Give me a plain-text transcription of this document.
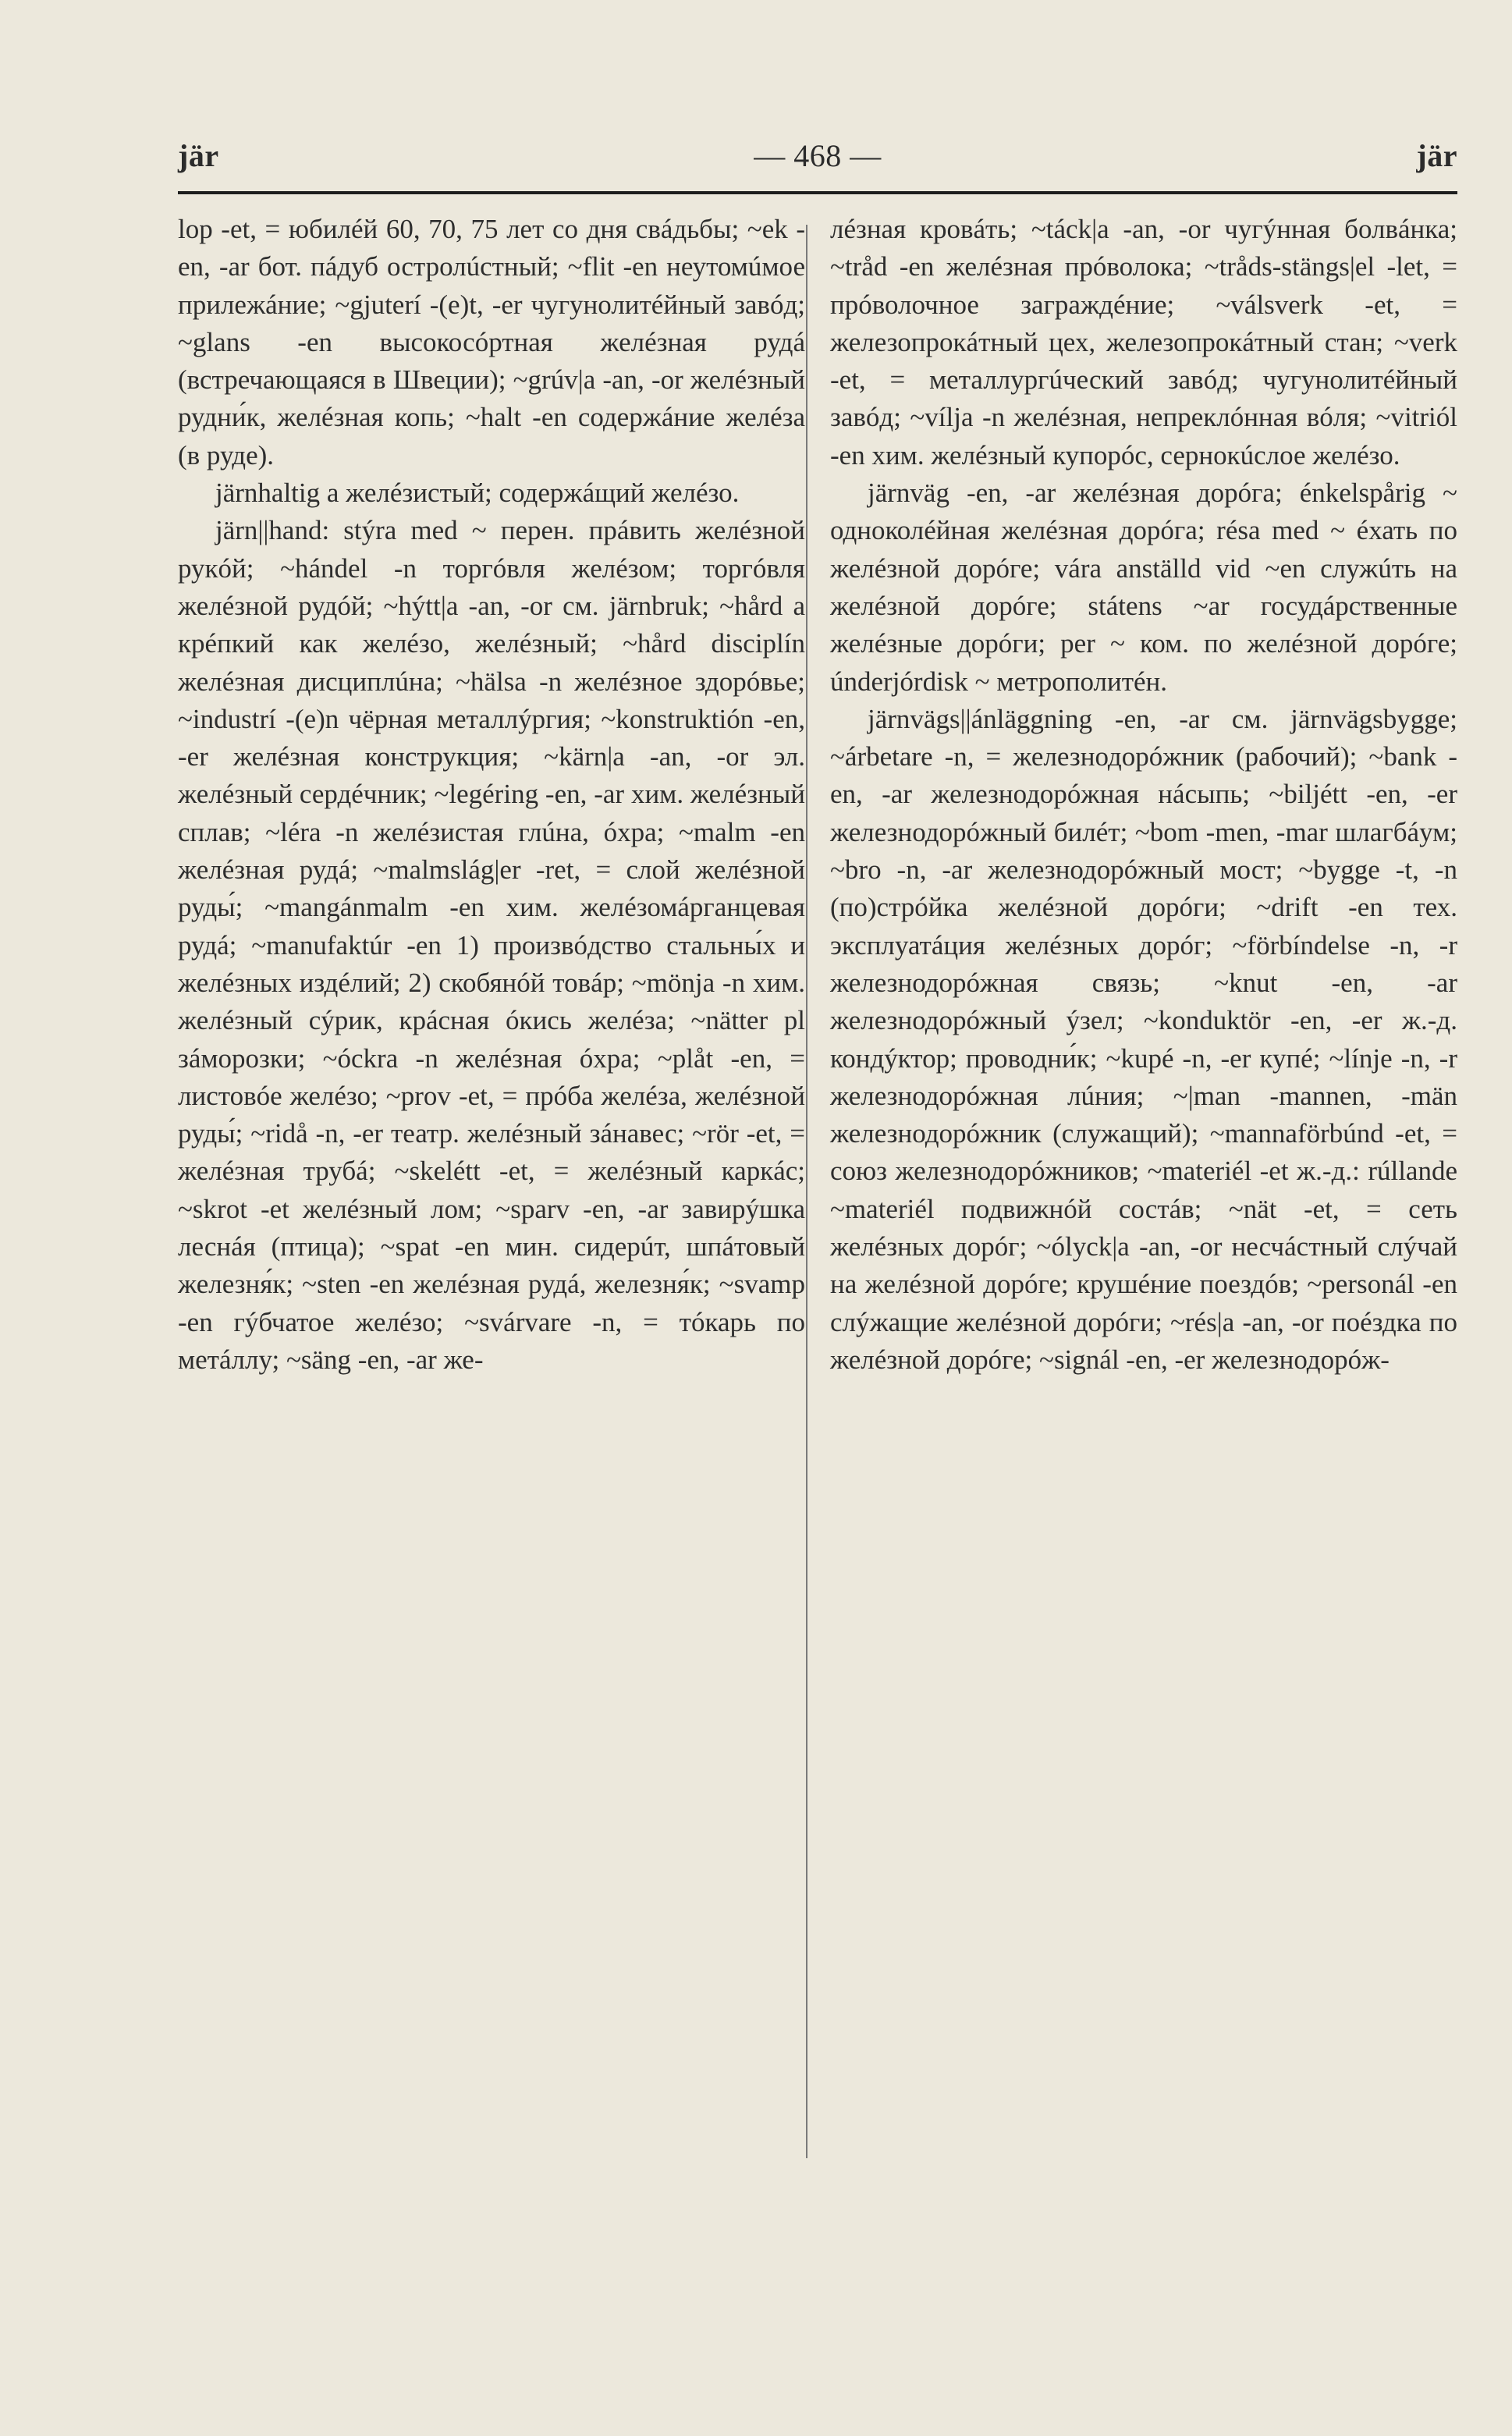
jär	— 468 —	jär

lop -et, = юбилéй 60, 70, 75 лет со дня свáдьбы; ~ek -en, -ar бот. пáдуб остролúстный; ~flit -en неутомúмое прилежáние; ~gjuterí -(e)t, -er чугунолитéйный завóд; ~glans -en высокосóртная желéзная рудá (встречающаяся в Швеции); ~grúv|a -an, -or желéзный рудни́к, желéзная копь; ~halt -en содержáние желéза (в руде).

järnhaltig a желéзистый; содержáщий желéзо.

järn||hand: stýra med ~ перен. прáвить желéзной рукóй; ~hándel -n торгóвля желéзом; торгóвля желéзной рудóй; ~hýtt|a -an, -or см. järnbruk; ~hård a крéпкий как желéзо, желéзный; ~hård disciplín желéзная дисциплúна; ~hälsa -n желéзное здорóвье; ~industrí -(e)n чёрная металлýргия; ~konstruktión -en, -er желéзная конструкция; ~kärn|a -an, -or эл. желéзный сердéчник; ~legéring -en, -ar хим. желéзный сплав; ~léra -n желéзистая глúна, óхра; ~malm -en желéзная рудá; ~malmslág|er -ret, = слой желéзной руды́; ~mangánmalm -en хим. желéзомáрганцевая рудá; ~manufaktúr -en 1) произвóдство стальны́х и желéзных издéлий; 2) скобянóй товáр; ~mönja -n хим. желéзный сýрик, крáсная óкись желéза; ~nätter pl зáморозки; ~óckra -n желéзная óхра; ~plåt -en, = листовóе желéзо; ~prov -et, = прóба желéза, желéзной руды́; ~ridå -n, -er театр. желéзный зáнавес; ~rör -et, = желéзная трубá; ~skelétt -et, = желéзный каркáс; ~skrot -et желéзный лом; ~sparv -en, -ar завирýшка леснáя (птица); ~spat -en мин. сидерúт, шпáтовый железня́к; ~sten -en желéзная рудá, железня́к; ~svamp -en гýбчатое желéзо; ~svárvare -n, = тóкарь по метáллу; ~säng -en, -ar же-

лéзная кровáть; ~táck|a -an, -or чугýнная болвáнка; ~tråd -en желéзная прóволока; ~tråds-stängs|el -let, = прóволочное заграждéние; ~válsverk -et, = железопрокáтный цех, железопрокáтный стан; ~verk -et, = металлургúческий завóд; чугунолитéйный завóд; ~vílja -n желéзная, непреклóнная вóля; ~vitriól -en хим. желéзный купорóс, сернокúслое желéзо.

järnväg -en, -ar желéзная дорóга; énkelspårig ~ одноколéйная желéзная дорóга; résa med ~ éхать по желéзной дорóге; vára anställd vid ~en служúть на желéзной дорóге; státens ~ar госудáрственные желéзные дорóги; per ~ ком. по желéзной дорóге; únderjórdisk ~ метрополитéн.

järnvägs||ánläggning -en, -ar см. järnvägsbygge; ~árbetare -n, = железнодорóжник (рабочий); ~bank -en, -ar железнодорóжная нáсыпь; ~biljétt -en, -er железнодорóжный билéт; ~bom -men, -mar шлагбáум; ~bro -n, -ar железнодорóжный мост; ~bygge -t, -n (по)стрóйка желéзной дорóги; ~drift -en тех. эксплуатáция желéзных дорóг; ~förbíndelse -n, -r железнодорóжная связь; ~knut -en, -ar железнодорóжный ýзел; ~konduktör -en, -er ж.-д. кондýктор; проводни́к; ~kupé -n, -er купé; ~línje -n, -r железнодорóжная лúния; ~|man -mannen, -män железнодорóжник (служащий); ~mannaförbúnd -et, = союз железнодорóжников; ~materiél -et ж.-д.: rúllande ~materiél подвижнóй состáв; ~nät -et, = сеть желéзных дорóг; ~ólyck|a -an, -or несчáстный слýчай на желéзной дорóге; крушéние поездóв; ~personál -en слýжащие желéзной дорóги; ~rés|a -an, -or поéздка по желéзной дорóге; ~signál -en, -er железнодорóж-
